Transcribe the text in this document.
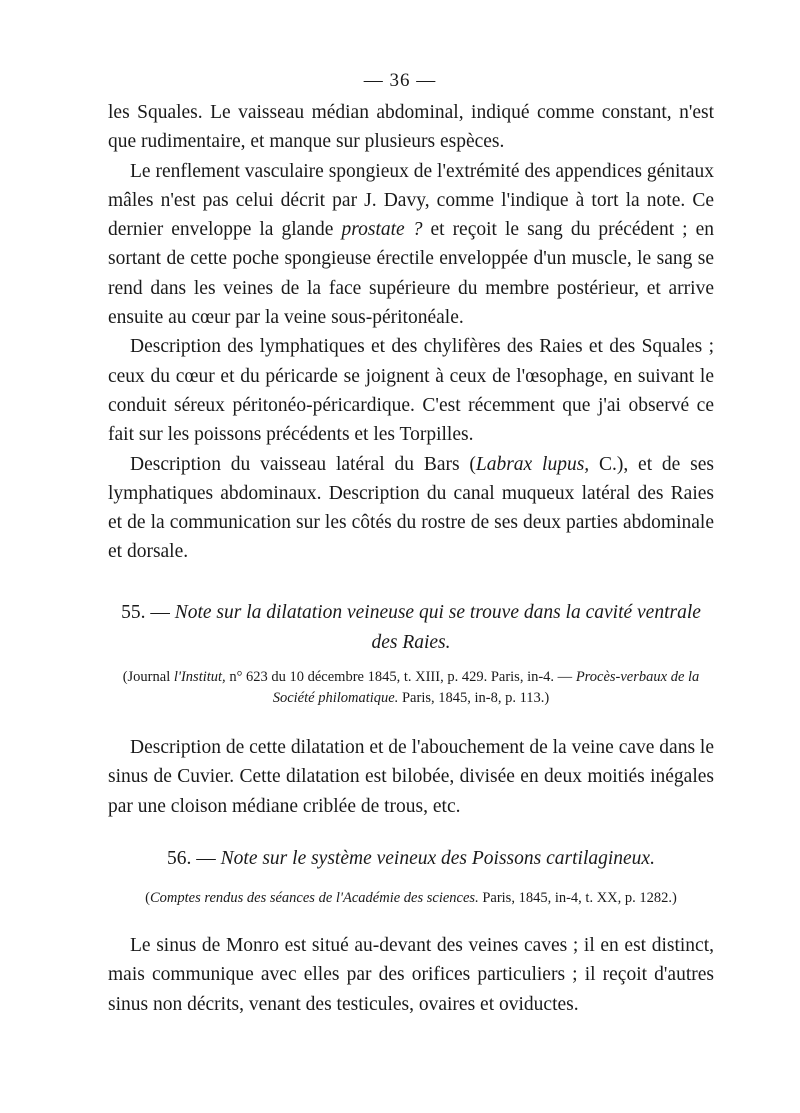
— 36 —

les Squales. Le vaisseau médian abdominal, indiqué comme constant, n'est que rudimentaire, et manque sur plusieurs espèces.

Le renflement vasculaire spongieux de l'extrémité des appendices génitaux mâles n'est pas celui décrit par J. Davy, comme l'indique à tort la note. Ce dernier enveloppe la glande prostate ? et reçoit le sang du précédent ; en sortant de cette poche spongieuse érectile enveloppée d'un muscle, le sang se rend dans les veines de la face supérieure du membre postérieur, et arrive ensuite au cœur par la veine sous-péritonéale.

Description des lymphatiques et des chylifères des Raies et des Squales ; ceux du cœur et du péricarde se joignent à ceux de l'œsophage, en suivant le conduit séreux péritonéo-péricardique. C'est récemment que j'ai observé ce fait sur les poissons précédents et les Torpilles.

Description du vaisseau latéral du Bars (Labrax lupus, C.), et de ses lymphatiques abdominaux. Description du canal muqueux latéral des Raies et de la communication sur les côtés du rostre de ses deux parties abdominale et dorsale.

55. — Note sur la dilatation veineuse qui se trouve dans la cavité ventrale des Raies.

(Journal l'Institut, n° 623 du 10 décembre 1845, t. XIII, p. 429. Paris, in-4. — Procès-verbaux de la Société philomatique. Paris, 1845, in-8, p. 113.)

Description de cette dilatation et de l'abouchement de la veine cave dans le sinus de Cuvier. Cette dilatation est bilobée, divisée en deux moitiés inégales par une cloison médiane criblée de trous, etc.

56. — Note sur le système veineux des Poissons cartilagineux.

(Comptes rendus des séances de l'Académie des sciences. Paris, 1845, in-4, t. XX, p. 1282.)

Le sinus de Monro est situé au-devant des veines caves ; il en est distinct, mais communique avec elles par des orifices particuliers ; il reçoit d'autres sinus non décrits, venant des testicules, ovaires et oviductes.
